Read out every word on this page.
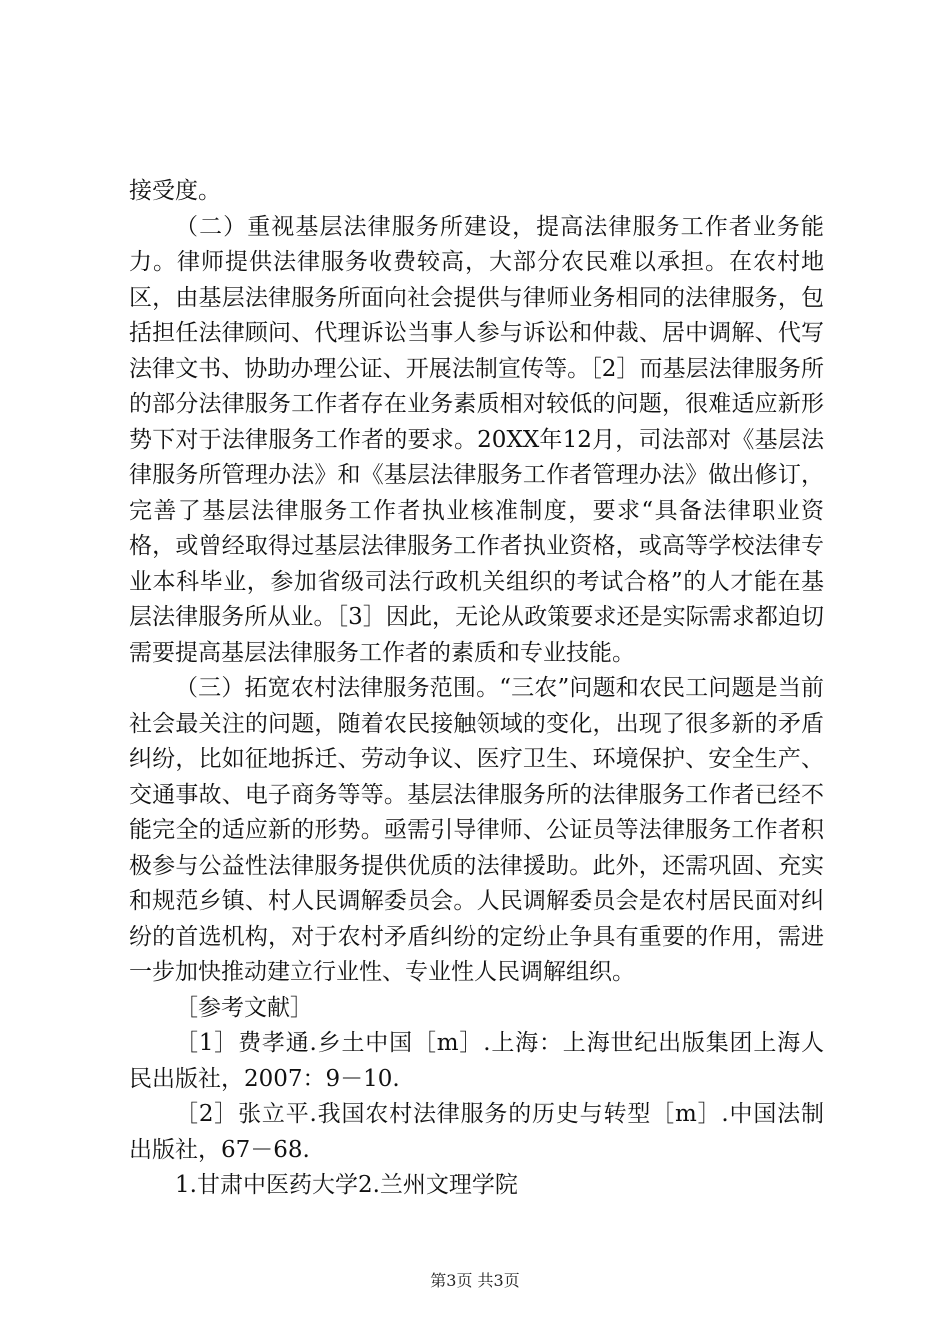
接受度。

（二）重视基层法律服务所建设，提高法律服务工作者业务能力。律师提供法律服务收费较高，大部分农民难以承担。在农村地区，由基层法律服务所面向社会提供与律师业务相同的法律服务，包括担任法律顾问、代理诉讼当事人参与诉讼和仲裁、居中调解、代写法律文书、协助办理公证、开展法制宣传等。［2］而基层法律服务所的部分法律服务工作者存在业务素质相对较低的问题，很难适应新形势下对于法律服务工作者的要求。20XX年12月，司法部对《基层法律服务所管理办法》和《基层法律服务工作者管理办法》做出修订，完善了基层法律服务工作者执业核准制度，要求“具备法律职业资格，或曾经取得过基层法律服务工作者执业资格，或高等学校法律专业本科毕业，参加省级司法行政机关组织的考试合格”的人才能在基层法律服务所从业。［3］因此，无论从政策要求还是实际需求都迫切需要提高基层法律服务工作者的素质和专业技能。

（三）拓宽农村法律服务范围。“三农”问题和农民工问题是当前社会最关注的问题，随着农民接触领域的变化，出现了很多新的矛盾纠纷，比如征地拆迁、劳动争议、医疗卫生、环境保护、安全生产、交通事故、电子商务等等。基层法律服务所的法律服务工作者已经不能完全的适应新的形势。亟需引导律师、公证员等法律服务工作者积极参与公益性法律服务提供优质的法律援助。此外，还需巩固、充实和规范乡镇、村人民调解委员会。人民调解委员会是农村居民面对纠纷的首选机构，对于农村矛盾纠纷的定纷止争具有重要的作用，需进一步加快推动建立行业性、专业性人民调解组织。

［参考文献］

［1］费孝通.乡土中国［m］.上海：上海世纪出版集团上海人民出版社，2007：9－10.

［2］张立平.我国农村法律服务的历史与转型［m］.中国法制出版社，67－68.

1.甘肃中医药大学2.兰州文理学院

第3页 共3页
